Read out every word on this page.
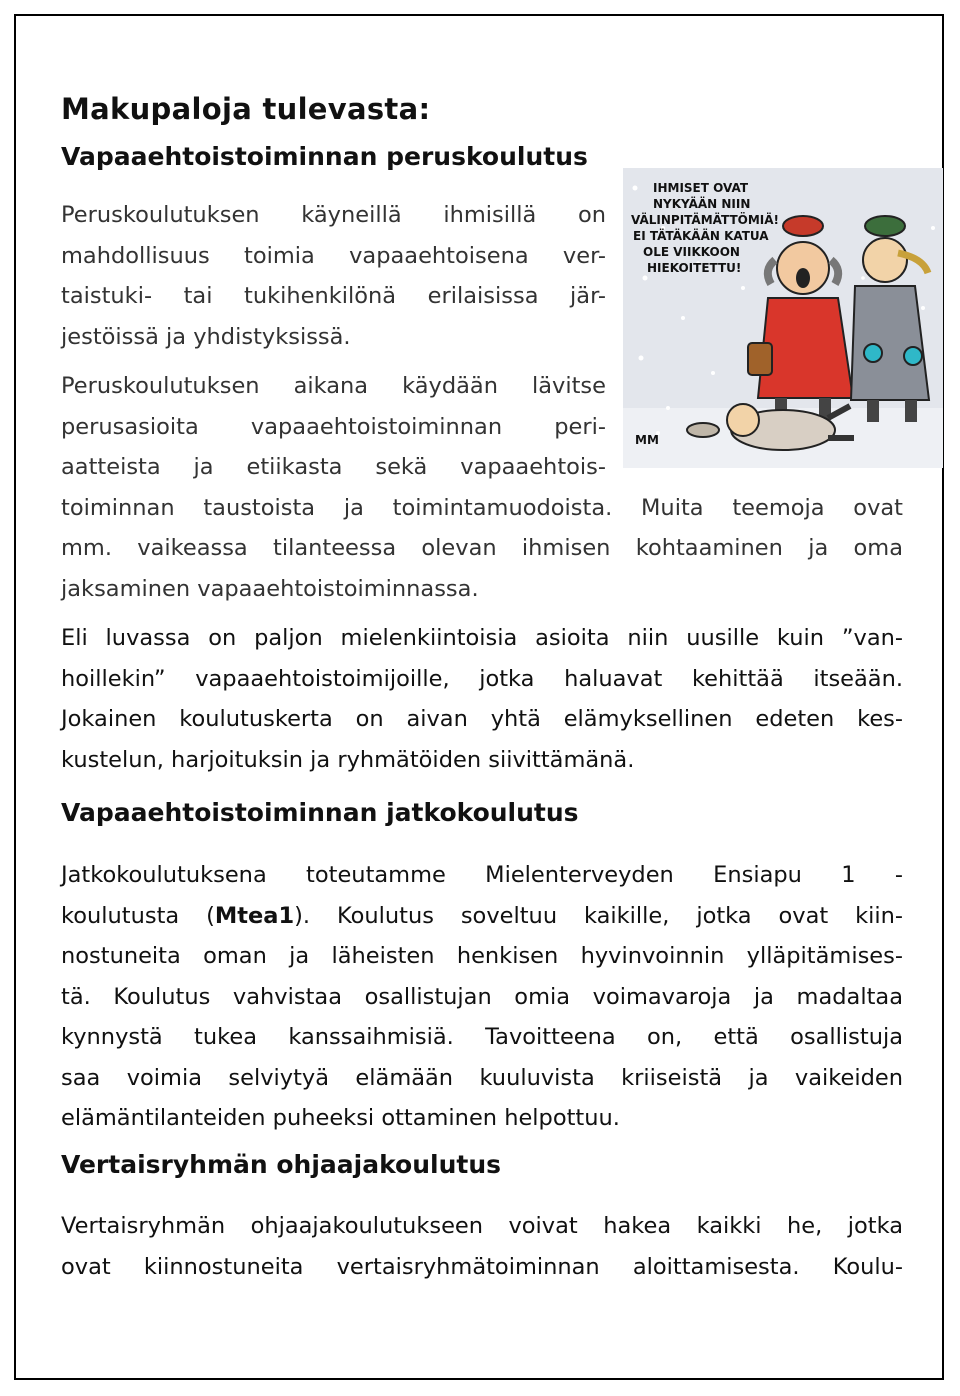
Makupaloja tulevasta:
Vapaaehtoistoiminnan peruskoulutus
Peruskoulutuksen käyneillä ihmisillä on
mahdollisuus toimia vapaaehtoisena ver-
taistuki- tai tukihenkilönä erilaisissa jär-
jestöissä ja yhdistyksissä.
Peruskoulutuksen aikana käydään lävitse
perusasioita vapaaehtoistoiminnan peri-
aatteista ja etiikasta sekä vapaaehtois-
toiminnan taustoista ja toimintamuodoista. Muita teemoja ovat
mm. vaikeassa tilanteessa olevan ihmisen kohtaaminen ja oma
jaksaminen vapaaehtoistoiminnassa.
Eli luvassa on paljon mielenkiintoisia asioita niin uusille kuin ”van-
hoillekin” vapaaehtoistoimijoille, jotka haluavat kehittää itseään.
Jokainen koulutuskerta on aivan yhtä elämyksellinen edeten kes-
kustelun, harjoituksin ja ryhmätöiden siivittämänä.
Vapaaehtoistoiminnan jatkokoulutus
Jatkokoulutuksena toteutamme Mielenterveyden Ensiapu 1 -
koulutusta (Mtea1). Koulutus soveltuu kaikille, jotka ovat kiin-
nostuneita oman ja läheisten henkisen hyvinvoinnin ylläpitämises-
tä. Koulutus vahvistaa osallistujan omia voimavaroja ja madaltaa
kynnystä tukea kanssaihmisiä. Tavoitteena on, että osallistuja
saa voimia selviytyä elämään kuuluvista kriiseistä ja vaikeiden
elämäntilanteiden puheeksi ottaminen helpottuu.
Vertaisryhmän ohjaajakoulutus
Vertaisryhmän ohjaajakoulutukseen voivat hakea kaikki he, jotka
ovat kiinnostuneita vertaisryhmätoiminnan aloittamisesta. Koulu-
IHMISET OVAT
NYKYÄÄN NIIN
VÄLINPITÄMÄTTÖMIÄ!
EI TÄTÄKÄÄN KATUA
OLE VIIKKOON
HIEKOITETTU!
MM
